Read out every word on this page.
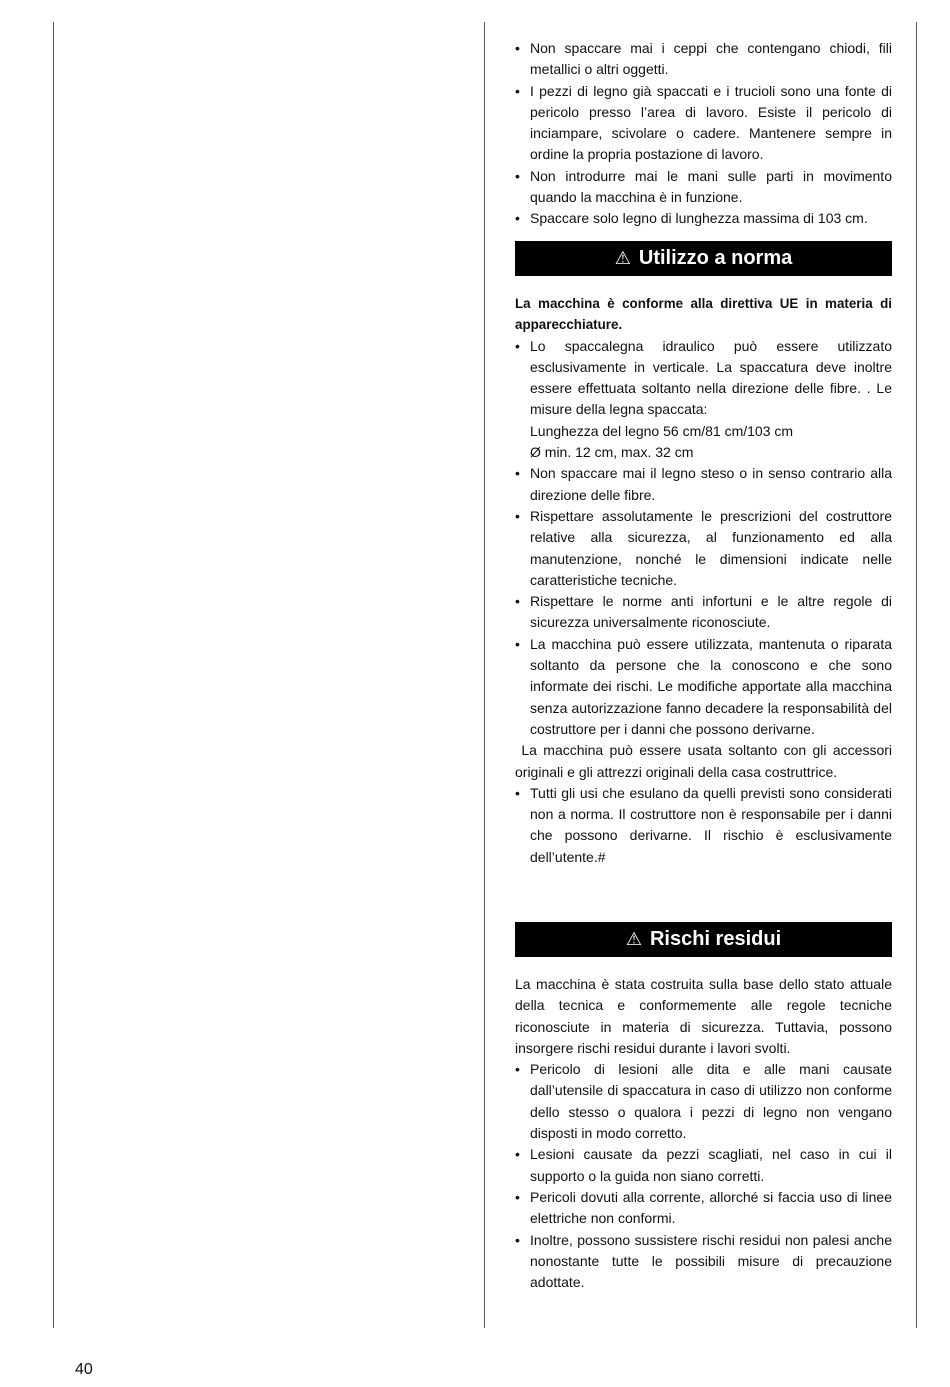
• Non spaccare mai i ceppi che contengano chiodi, fili metallici o altri oggetti.
• I pezzi di legno già spaccati e i trucioli sono una fonte di pericolo presso l’area di lavoro. Esiste il pericolo di inciampare, scivolare o cadere. Mantenere sempre in ordine la propria postazione di lavoro.
• Non introdurre mai le mani sulle parti in movimento quando la macchina è in funzione.
• Spaccare solo legno di lunghezza massima di 103 cm.
⚠ Utilizzo a norma

La macchina è conforme alla direttiva UE in materia di apparecchiature.

• Lo spaccalegna idraulico può essere utilizzato esclusivamente in verticale. La spaccatura deve inoltre essere effettuata soltanto nella direzione delle fibre. . Le misure della legna spaccata:
Lunghezza del legno 56 cm/81 cm/103 cm
Ø min. 12 cm, max. 32 cm
• Non spaccare mai il legno steso o in senso contrario alla direzione delle fibre.
• Rispettare assolutamente le prescrizioni del costruttore relative alla sicurezza, al funzionamento ed alla manutenzione, nonché le dimensioni indicate nelle caratteristiche tecniche.
• Rispettare le norme anti infortuni e le altre regole di sicurezza universalmente riconosciute.
• La macchina può essere utilizzata, mantenuta o riparata soltanto da persone che la conoscono e che sono informate dei rischi. Le modifiche apportate alla macchina senza autorizzazione fanno decadere la responsabilità del costruttore per i danni che possono derivarne.

La macchina può essere usata soltanto con gli accessori originali e gli attrezzi originali della casa costruttrice.

• Tutti gli usi che esulano da quelli previsti sono considerati non a norma. Il costruttore non è responsabile per i danni che possono derivarne. Il rischio è esclusivamente dell’utente.#
⚠ Rischi residui

La macchina è stata costruita sulla base dello stato attuale della tecnica e conformemente alle regole tecniche riconosciute in materia di sicurezza. Tuttavia, possono insorgere rischi residui durante i lavori svolti.

• Pericolo di lesioni alle dita e alle mani causate dall’utensile di spaccatura in caso di utilizzo non conforme dello stesso o qualora i pezzi di legno non vengano disposti in modo corretto.
• Lesioni causate da pezzi scagliati, nel caso in cui il supporto o la guida non siano corretti.
• Pericoli dovuti alla corrente, allorché si faccia uso di linee elettriche non conformi.
• Inoltre, possono sussistere rischi residui non palesi anche nonostante tutte le possibili misure di precauzione adottate.
40
